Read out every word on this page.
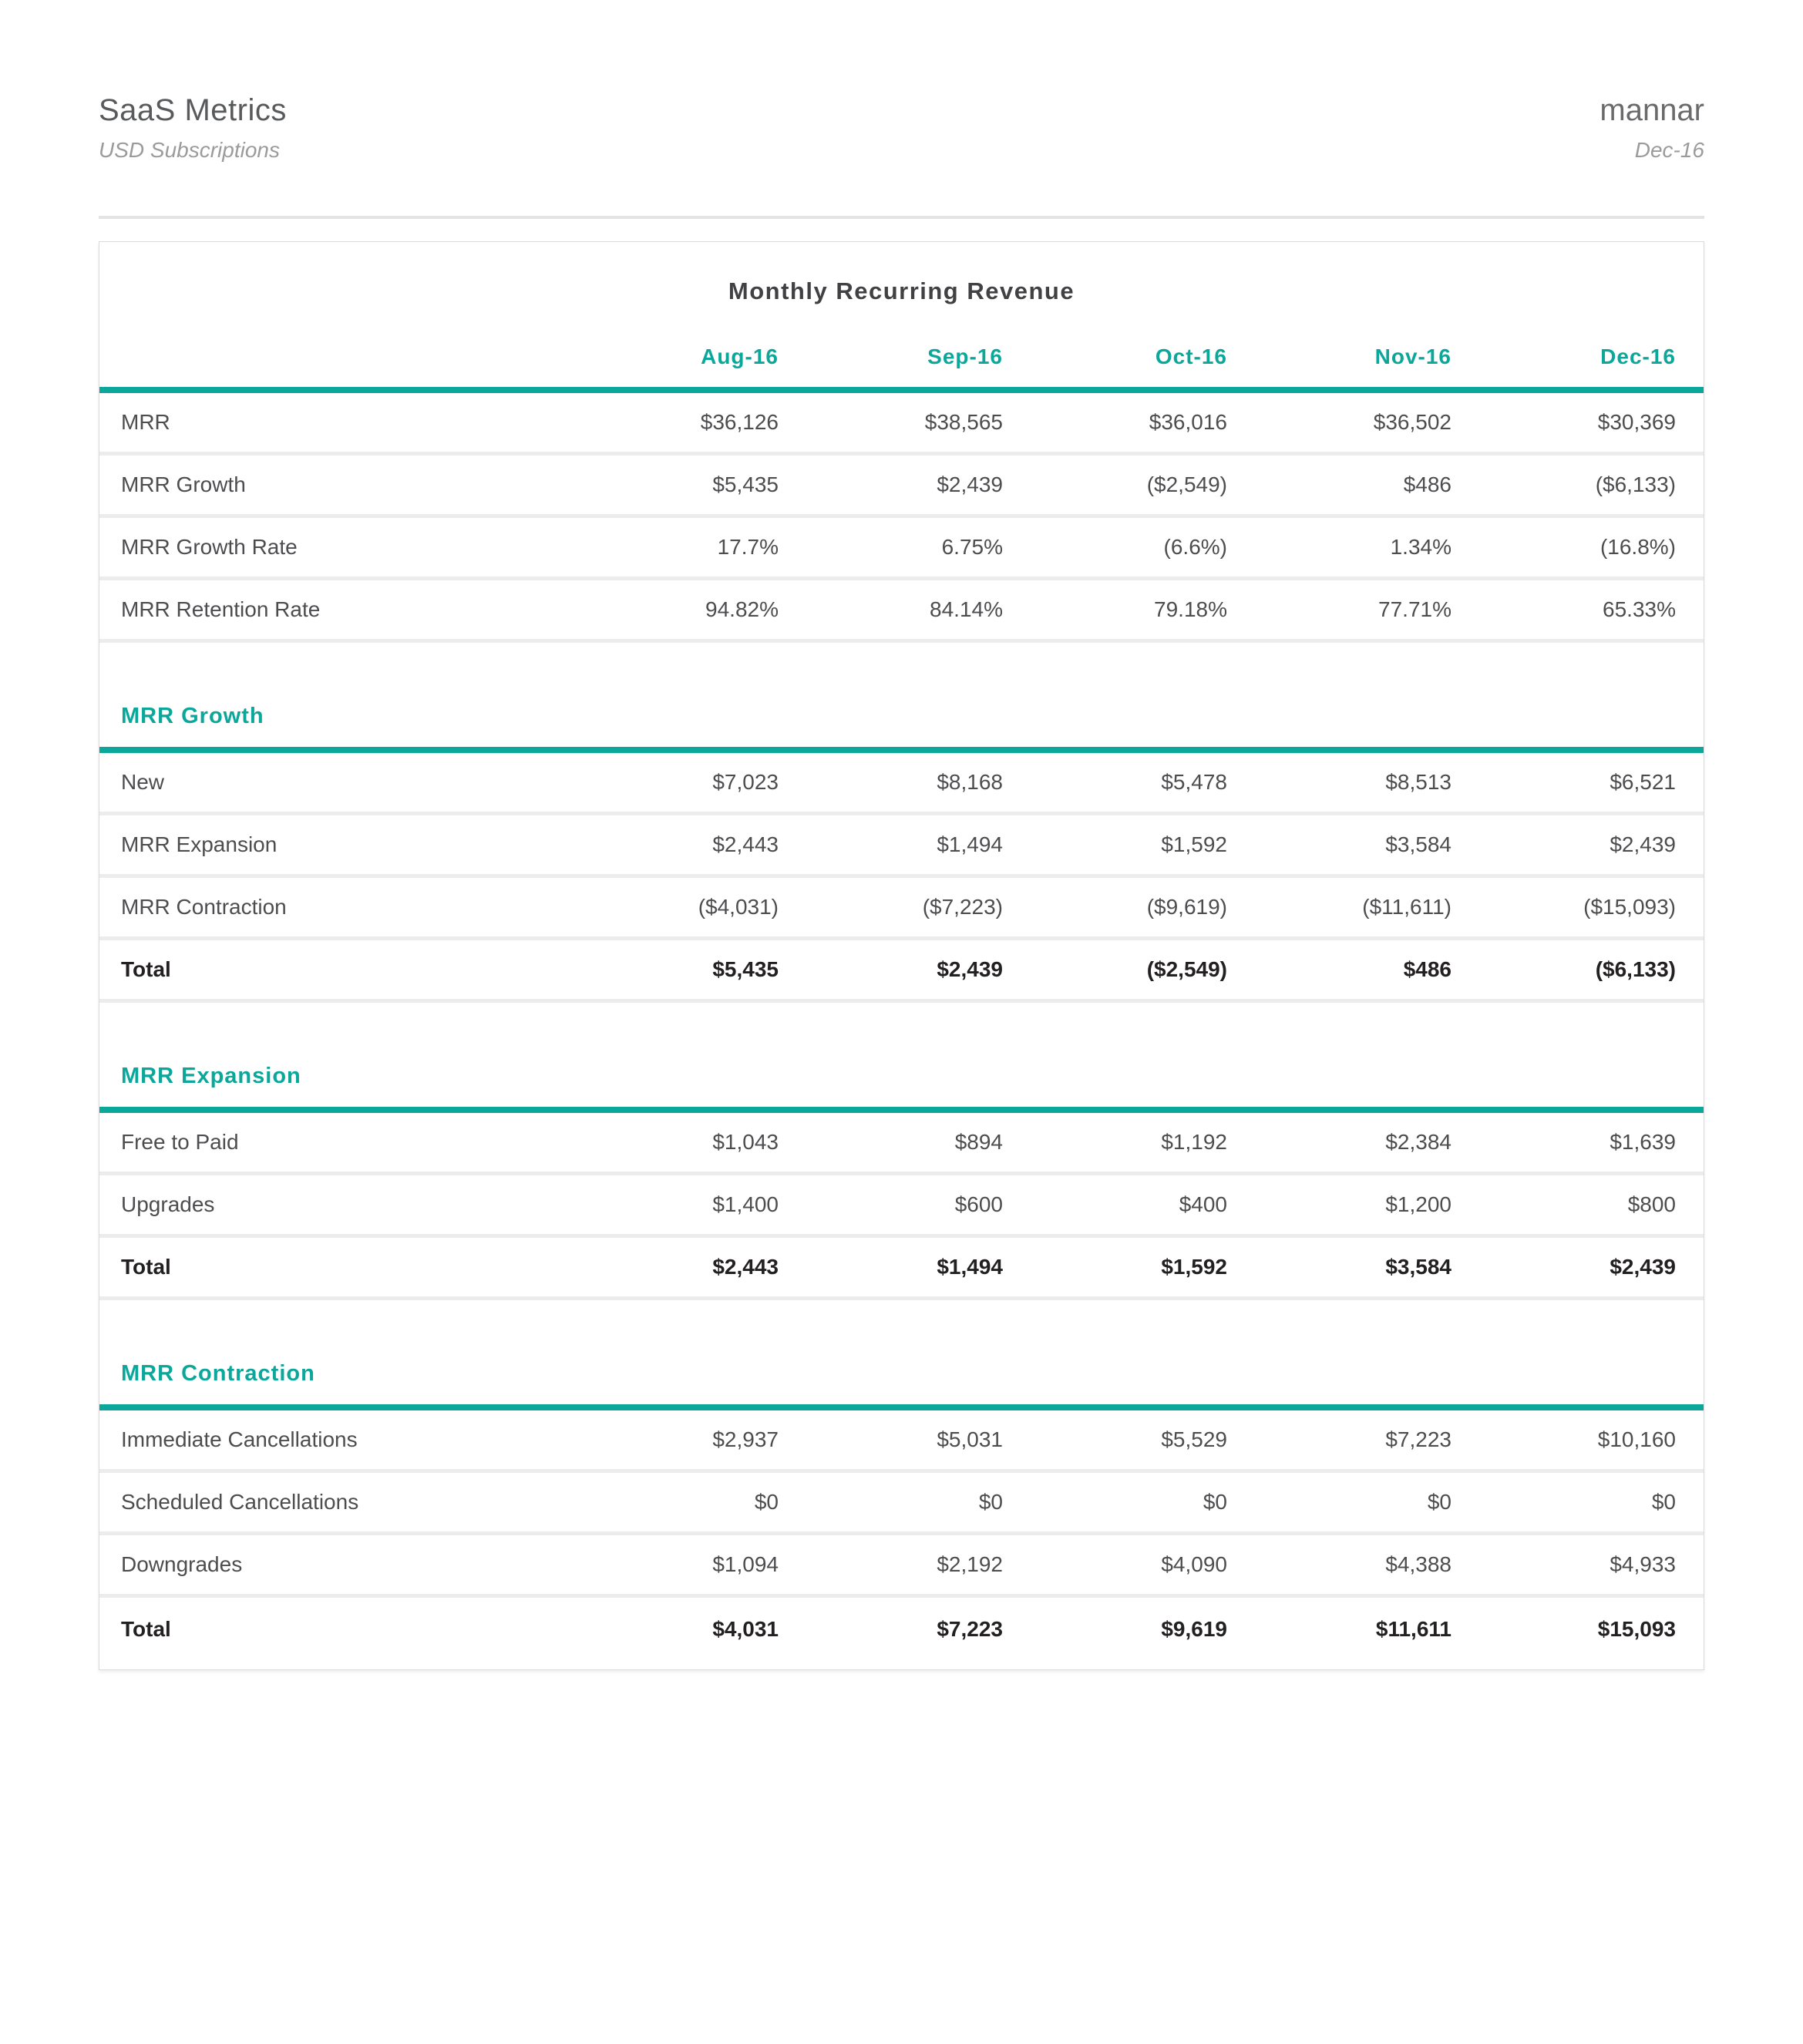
SaaS Metrics
USD Subscriptions
mannar
Dec-16
Monthly Recurring Revenue
Aug-16	Sep-16	Oct-16	Nov-16	Dec-16
MRR	$36,126	$38,565	$36,016	$36,502	$30,369
MRR Growth	$5,435	$2,439	($2,549)	$486	($6,133)
MRR Growth Rate	17.7%	6.75%	(6.6%)	1.34%	(16.8%)
MRR Retention Rate	94.82%	84.14%	79.18%	77.71%	65.33%
MRR Growth
New	$7,023	$8,168	$5,478	$8,513	$6,521
MRR Expansion	$2,443	$1,494	$1,592	$3,584	$2,439
MRR Contraction	($4,031)	($7,223)	($9,619)	($11,611)	($15,093)
Total	$5,435	$2,439	($2,549)	$486	($6,133)
MRR Expansion
Free to Paid	$1,043	$894	$1,192	$2,384	$1,639
Upgrades	$1,400	$600	$400	$1,200	$800
Total	$2,443	$1,494	$1,592	$3,584	$2,439
MRR Contraction
Immediate Cancellations	$2,937	$5,031	$5,529	$7,223	$10,160
Scheduled Cancellations	$0	$0	$0	$0	$0
Downgrades	$1,094	$2,192	$4,090	$4,388	$4,933
Total	$4,031	$7,223	$9,619	$11,611	$15,093
